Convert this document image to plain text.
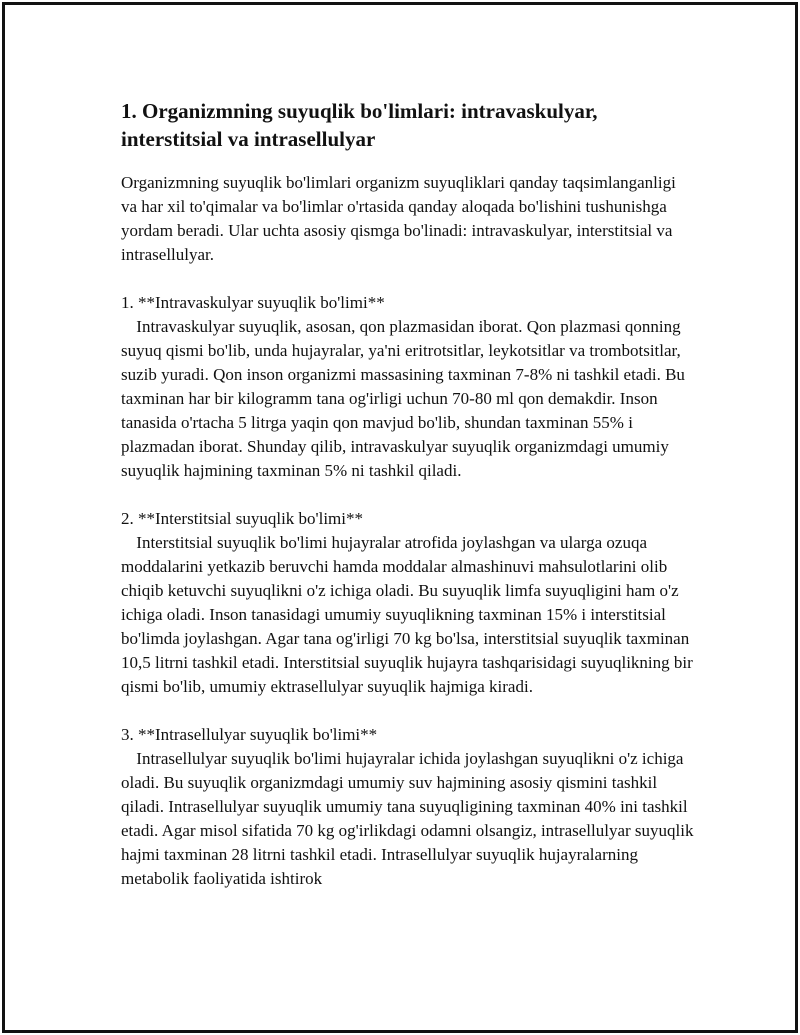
1. Organizmning suyuqlik bo'limlari: intravaskulyar, interstitsial va intrasellulyar

Organizmning suyuqlik bo'limlari organizm suyuqliklari qanday taqsimlanganligi va har xil to'qimalar va bo'limlar o'rtasida qanday aloqada bo'lishini tushunishga yordam beradi. Ular uchta asosiy qismga bo'linadi: intravaskulyar, interstitsial va intrasellulyar.

1. **Intravaskulyar suyuqlik bo'limi**

Intravaskulyar suyuqlik, asosan, qon plazmasidan iborat. Qon plazmasi qonning suyuq qismi bo'lib, unda hujayralar, ya'ni eritrotsitlar, leykotsitlar va trombotsitlar, suzib yuradi. Qon inson organizmi massasining taxminan 7-8% ni tashkil etadi. Bu taxminan har bir kilogramm tana og'irligi uchun 70-80 ml qon demakdir. Inson tanasida o'rtacha 5 litrga yaqin qon mavjud bo'lib, shundan taxminan 55% i plazmadan iborat. Shunday qilib, intravaskulyar suyuqlik organizmdagi umumiy suyuqlik hajmining taxminan 5% ni tashkil qiladi.

2. **Interstitsial suyuqlik bo'limi**

Interstitsial suyuqlik bo'limi hujayralar atrofida joylashgan va ularga ozuqa moddalarini yetkazib beruvchi hamda moddalar almashinuvi mahsulotlarini olib chiqib ketuvchi suyuqlikni o'z ichiga oladi. Bu suyuqlik limfa suyuqligini ham o'z ichiga oladi. Inson tanasidagi umumiy suyuqlikning taxminan 15% i interstitsial bo'limda joylashgan. Agar tana og'irligi 70 kg bo'lsa, interstitsial suyuqlik taxminan 10,5 litrni tashkil etadi. Interstitsial suyuqlik hujayra tashqarisidagi suyuqlikning bir qismi bo'lib, umumiy ektrasellulyar suyuqlik hajmiga kiradi.

3. **Intrasellulyar suyuqlik bo'limi**

Intrasellulyar suyuqlik bo'limi hujayralar ichida joylashgan suyuqlikni o'z ichiga oladi. Bu suyuqlik organizmdagi umumiy suv hajmining asosiy qismini tashkil qiladi. Intrasellulyar suyuqlik umumiy tana suyuqligining taxminan 40% ini tashkil etadi. Agar misol sifatida 70 kg og'irlikdagi odamni olsangiz, intrasellulyar suyuqlik hajmi taxminan 28 litrni tashkil etadi. Intrasellulyar suyuqlik hujayralarning metabolik faoliyatida ishtirok
